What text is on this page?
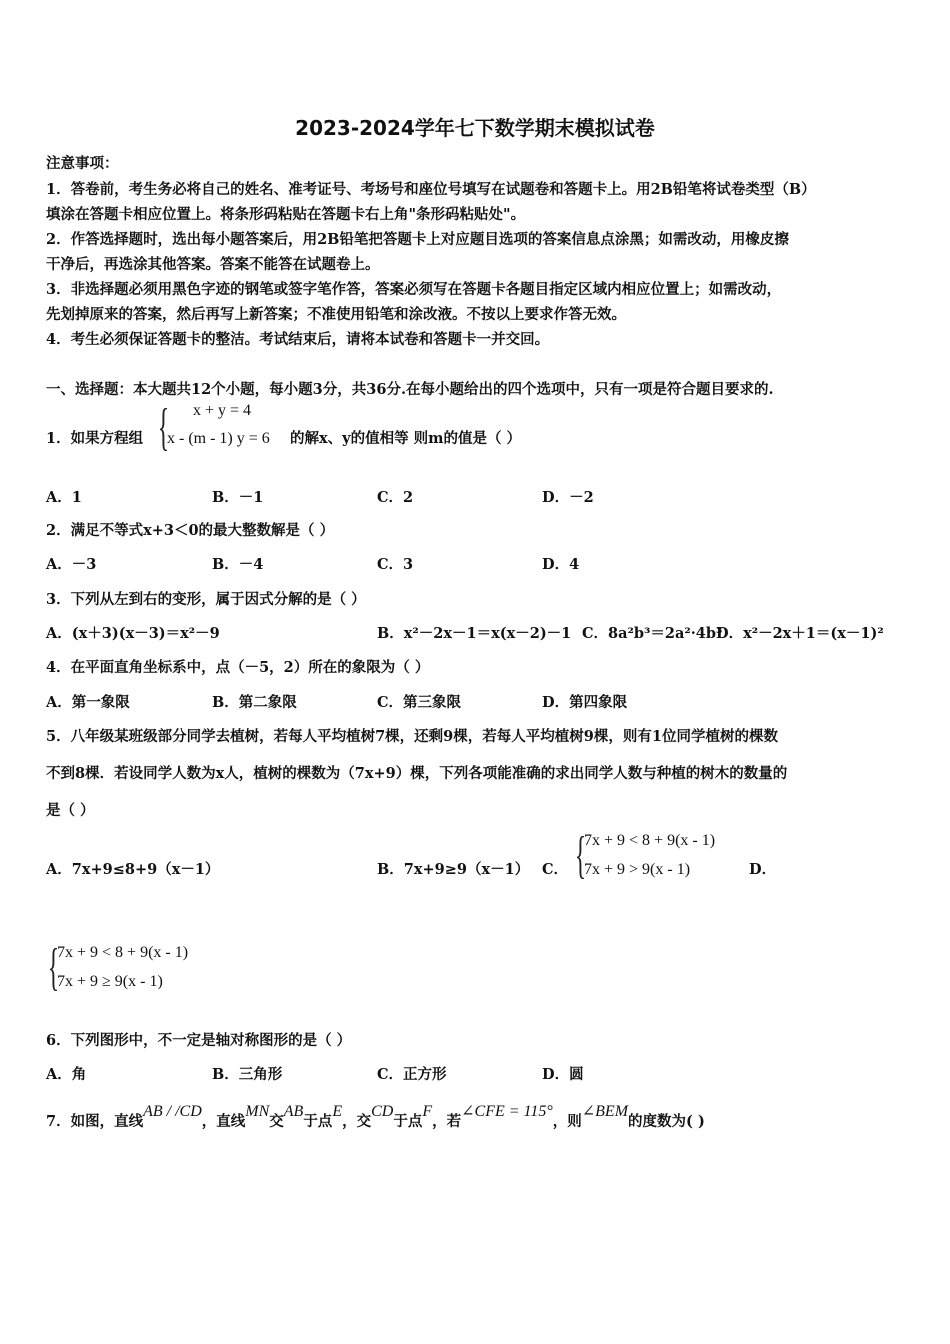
2023-2024学年七下数学期末模拟试卷
注意事项：
1．答卷前，考生务必将自己的姓名、准考证号、考场号和座位号填写在试题卷和答题卡上。用2B铅笔将试卷类型（B）
填涂在答题卡相应位置上。将条形码粘贴在答题卡右上角"条形码粘贴处"。
2．作答选择题时，选出每小题答案后，用2B铅笔把答题卡上对应题目选项的答案信息点涂黑；如需改动，用橡皮擦
干净后，再选涂其他答案。答案不能答在试题卷上。
3．非选择题必须用黑色字迹的钢笔或签字笔作答，答案必须写在答题卡各题目指定区域内相应位置上；如需改动，
先划掉原来的答案，然后再写上新答案；不准使用铅笔和涂改液。不按以上要求作答无效。
4．考生必须保证答题卡的整洁。考试结束后，请将本试卷和答题卡一并交回。
一、选择题：本大题共12个小题，每小题3分，共36分.在每小题给出的四个选项中，只有一项是符合题目要求的.
1．如果方程组 { x + y = 4
x - (m - 1) y = 6 的解x、y的值相等 则m的值是（ ）
A．1	B．－1	C．2	D．－2
2．满足不等式x+3＜0的最大整数解是（ ）
A．－3	B．－4	C．3	D．4
3．下列从左到右的变形，属于因式分解的是（ ）
A．(x＋3)(x－3)＝x²－9	B．x²－2x－1＝x(x－2)－1 C．8a²b³＝2a²·4b³
D．x²－2x＋1＝(x－1)²
4．在平面直角坐标系中，点（－5，2）所在的象限为（ ）
A．第一象限	B．第二象限	C．第三象限	D．第四象限
5．八年级某班级部分同学去植树，若每人平均植树7棵，还剩9棵，若每人平均植树9棵，则有1位同学植树的棵数
不到8棵．若设同学人数为x人，植树的棵数为（7x+9）棵，下列各项能准确的求出同学人数与种植的树木的数量的
是（ ）
A．7x+9≤8+9（x－1）	B．7x+9≥9（x－1） C． {
7x + 9 < 8 + 9(x - 1)
7x + 9 > 9(x - 1)	D．
{
7x + 9 < 8 + 9(x - 1)
7x + 9 ≥ 9(x - 1)
6．下列图形中，不一定是轴对称图形的是（ ）
A．角	B．三角形	C．正方形	D．圆
7．如图，直线AB / /CD，直线MN交AB于点E，交CD于点F，若∠CFE = 115°，则∠BEM的度数为( )
